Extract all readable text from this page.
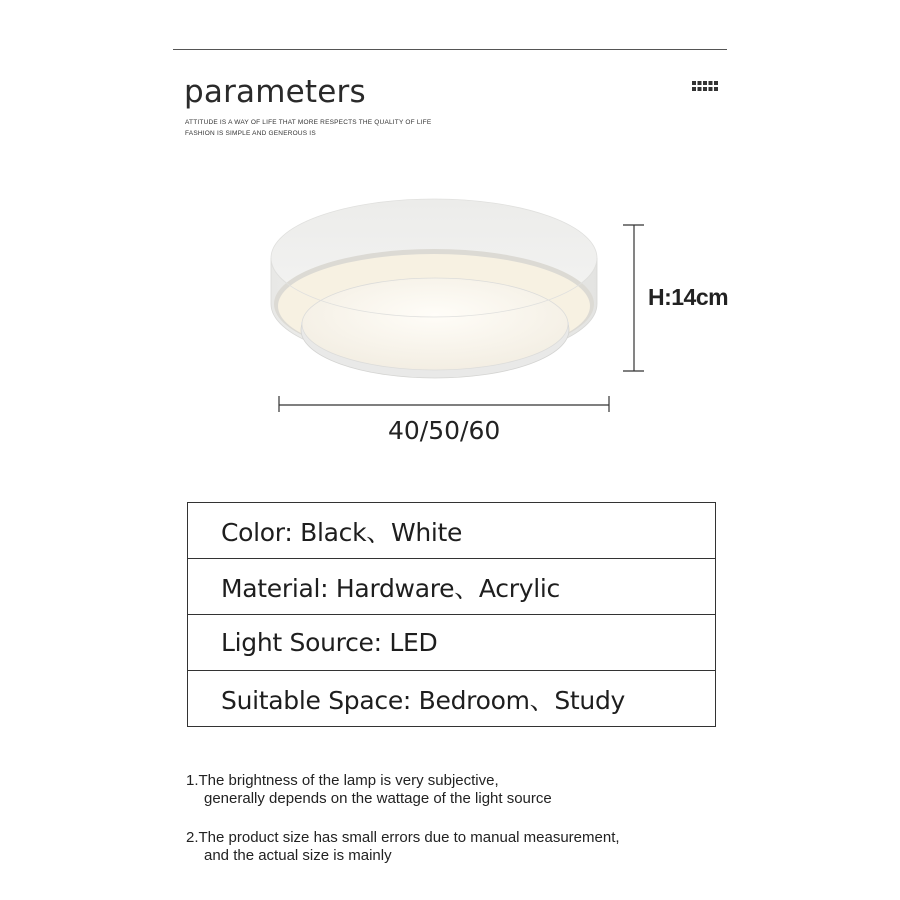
parameters
ATTITUDE IS A WAY OF LIFE THAT MORE RESPECTS THE QUALITY OF LIFE
FASHION IS SIMPLE AND GENEROUS IS
H:14cm
40/50/60
Color: Black、White
Material: Hardware、Acrylic
Light Source: LED
Suitable Space: Bedroom、Study
1.The brightness of the lamp is very subjective,
generally depends on the wattage of the light source
2.The product size has small errors due to manual measurement,
and the actual size is mainly
